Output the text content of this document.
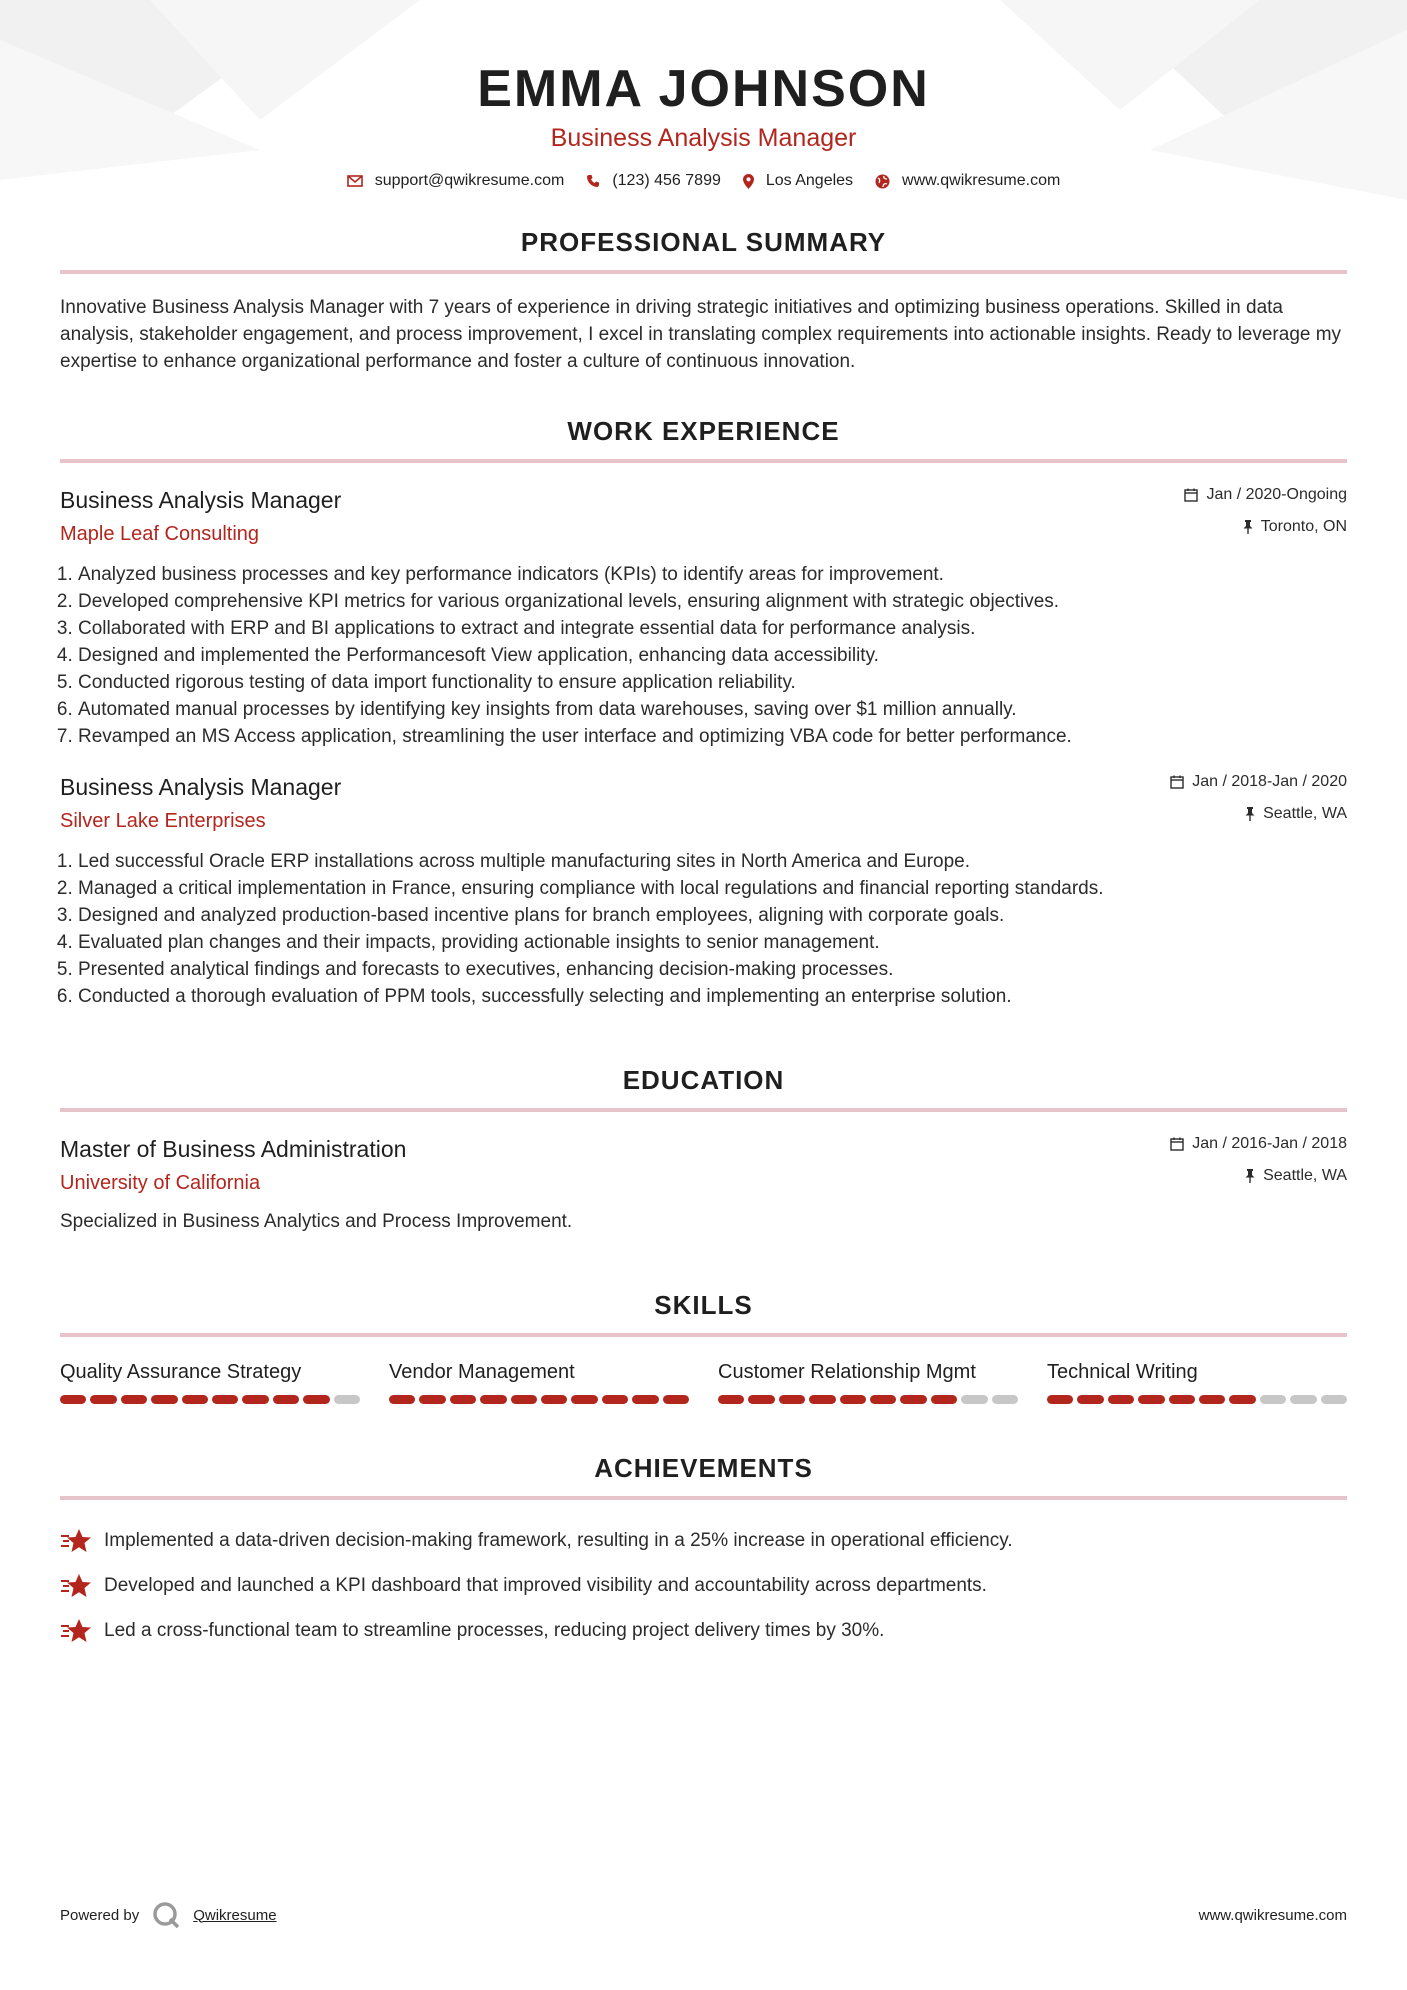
EMMA JOHNSON
Business Analysis Manager
support@qwikresume.com	(123) 456 7899	Los Angeles	www.qwikresume.com
PROFESSIONAL SUMMARY

Innovative Business Analysis Manager with 7 years of experience in driving strategic initiatives and optimizing business operations. Skilled in data analysis, stakeholder engagement, and process improvement, I excel in translating complex requirements into actionable insights. Ready to leverage my expertise to enhance organizational performance and foster a culture of continuous innovation.

WORK EXPERIENCE
Business Analysis Manager
Maple Leaf Consulting
Jan / 2020-Ongoing
Toronto, ON
1. Analyzed business processes and key performance indicators (KPIs) to identify areas for improvement.
2. Developed comprehensive KPI metrics for various organizational levels, ensuring alignment with strategic objectives.
3. Collaborated with ERP and BI applications to extract and integrate essential data for performance analysis.
4. Designed and implemented the Performancesoft View application, enhancing data accessibility.
5. Conducted rigorous testing of data import functionality to ensure application reliability.
6. Automated manual processes by identifying key insights from data warehouses, saving over $1 million annually.
7. Revamped an MS Access application, streamlining the user interface and optimizing VBA code for better performance.
Business Analysis Manager
Silver Lake Enterprises
Jan / 2018-Jan / 2020
Seattle, WA
1. Led successful Oracle ERP installations across multiple manufacturing sites in North America and Europe.
2. Managed a critical implementation in France, ensuring compliance with local regulations and financial reporting standards.
3. Designed and analyzed production-based incentive plans for branch employees, aligning with corporate goals.
4. Evaluated plan changes and their impacts, providing actionable insights to senior management.
5. Presented analytical findings and forecasts to executives, enhancing decision-making processes.
6. Conducted a thorough evaluation of PPM tools, successfully selecting and implementing an enterprise solution.
EDUCATION
Master of Business Administration
University of California
Jan / 2016-Jan / 2018
Seattle, WA

Specialized in Business Analytics and Process Improvement.

SKILLS
Quality Assurance Strategy	Vendor Management	Customer Relationship Mgmt	Technical Writing
ACHIEVEMENTS
Implemented a data-driven decision-making framework, resulting in a 25% increase in operational efficiency.
Developed and launched a KPI dashboard that improved visibility and accountability across departments.
Led a cross-functional team to streamline processes, reducing project delivery times by 30%.
Powered by	Qwikresume	www.qwikresume.com
